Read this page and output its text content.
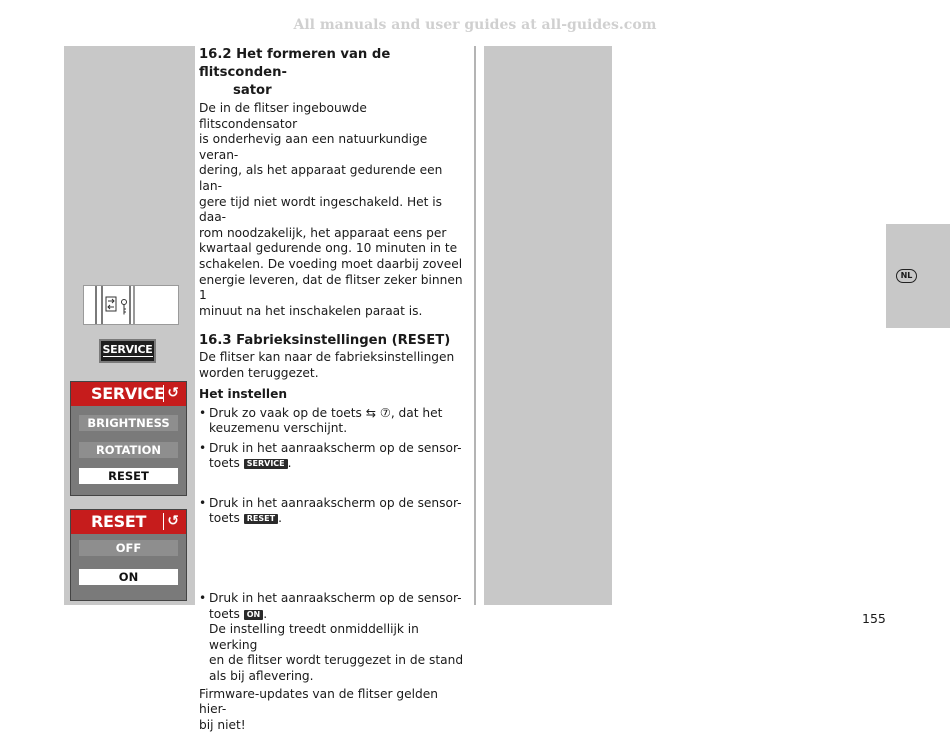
All manuals and user guides at all-guides.com
NL
SERVICE
SERVICE ↺
BRIGHTNESS
ROTATION
RESET
RESET	↺
OFF
ON
16.2 Het formeren van de flitsconden-
sator

De in de flitser ingebouwde flitscondensator
is onderhevig aan een natuurkundige veran-
dering, als het apparaat gedurende een lan-
gere tijd niet wordt ingeschakeld. Het is daa-
rom noodzakelijk, het apparaat eens per
kwartaal gedurende ong. 10 minuten in te
schakelen. De voeding moet daarbij zoveel
energie leveren, dat de flitser zeker binnen 1
minuut na het inschakelen paraat is.

16.3 Fabrieksinstellingen (RESET)

De flitser kan naar de fabrieksinstellingen
worden teruggezet.

Het instellen
• Druk zo vaak op de toets ⇆ ⑦, dat het
keuzemenu verschijnt.
• Druk in het aanraakscherm op de sensor-
toets SERVICE .
• Druk in het aanraakscherm op de sensor-
toets RESET .
• Druk in het aanraakscherm op de sensor-
toets ON .
De instelling treedt onmiddellijk in werking
en de flitser wordt teruggezet in de stand
als bij aflevering.

Firmware-updates van de flitser gelden hier-
bij niet!

155
